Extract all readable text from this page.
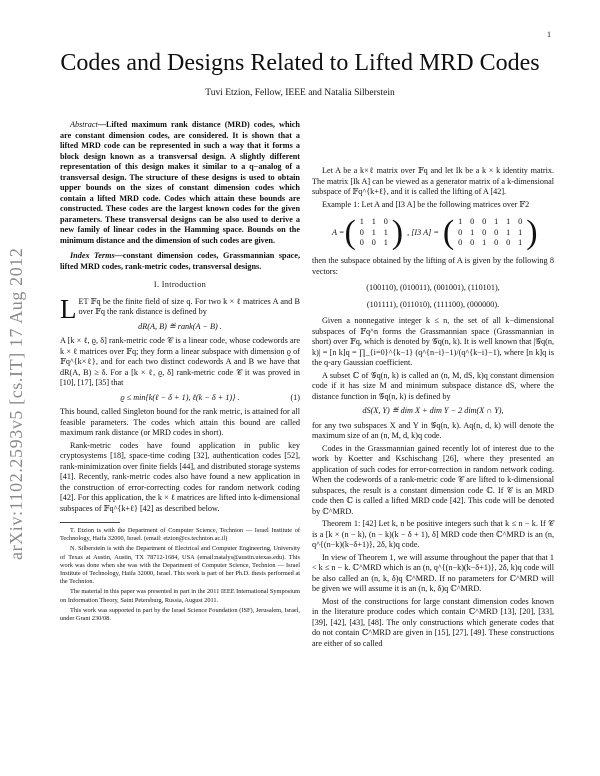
1
arXiv:1102.2593v5 [cs.IT] 17 Aug 2012
Codes and Designs Related to Lifted MRD Codes
Tuvi Etzion, Fellow, IEEE and Natalia Silberstein

Abstract—Lifted maximum rank distance (MRD) codes, which are constant dimension codes, are considered. It is shown that a lifted MRD code can be represented in such a way that it forms a block design known as a transversal design. A slightly different representation of this design makes it similar to a q−analog of a transversal design. The structure of these designs is used to obtain upper bounds on the sizes of constant dimension codes which contain a lifted MRD code. Codes which attain these bounds are constructed. These codes are the largest known codes for the given parameters. These transversal designs can be also used to derive a new family of linear codes in the Hamming space. Bounds on the minimum distance and the dimension of such codes are given.

Index Terms—constant dimension codes, Grassmannian space, lifted MRD codes, rank-metric codes, transversal designs.

I. Introduction

LET 𝔽q be the finite field of size q. For two k × ℓ matrices A and B over 𝔽q the rank distance is defined by

dR(A, B) ≝ rank(A − B) .

A [k × ℓ, ϱ, δ] rank-metric code 𝒞 is a linear code, whose codewords are k × ℓ matrices over 𝔽q; they form a linear subspace with dimension ϱ of 𝔽q^{k×ℓ}, and for each two distinct codewords A and B we have that dR(A, B) ≥ δ. For a [k × ℓ, ϱ, δ] rank-metric code 𝒞 it was proved in [10], [17], [35] that

ϱ ≤ min{k(ℓ − δ + 1), ℓ(k − δ + 1)} .	(1)

This bound, called Singleton bound for the rank metric, is attained for all feasible parameters. The codes which attain this bound are called maximum rank distance (or MRD codes in short).

Rank-metric codes have found application in public key cryptosystems [18], space-time coding [32], authentication codes [52], rank-minimization over finite fields [44], and distributed storage systems [41]. Recently, rank-metric codes also have found a new application in the construction of error-correcting codes for random network coding [42]. For this application, the k × ℓ matrices are lifted into k-dimensional subspaces of 𝔽q^{k+ℓ} [42] as described below.

T. Etzion is with the Department of Computer Science, Technion — Israel Institute of Technology, Haifa 32000, Israel. (email: etzion@cs.technion.ac.il)

N. Silberstein is with the Department of Electrical and Computer Engineering, University of Texas at Austin, Austin, TX 78712-1684, USA (email:natalys@austin.utexas.edu). This work was done when she was with the Department of Computer Science, Technion — Israel Institute of Technology, Haifa 32000, Israel. This work is part of her Ph.D. thesis performed at the Technion.

The material in this paper was presented in part in the 2011 IEEE International Symposium on Information Theory, Saint Petersburg, Russia, August 2011.

This work was supported in part by the Israel Science Foundation (ISF), Jerusalem, Israel, under Grant 230/08.

Let A be a k×ℓ matrix over 𝔽q and let Ik be a k × k identity matrix. The matrix [Ik A] can be viewed as a generator matrix of a k-dimensional subspace of 𝔽q^{k+ℓ}, and it is called the lifting of A [42].

Example 1: Let A and [I3 A] be the following matrices over 𝔽2

A = ( 1 1 0
0 1 1
0 0 1 ) , [I3 A] = ( 1 0 0 1 1 0
0 1 0 0 1 1
0 0 1 0 0 1 )

then the subspace obtained by the lifting of A is given by the following 8 vectors:

(100110), (010011), (001001), (110101),
(101111), (011010), (111100), (000000).

Given a nonnegative integer k ≤ n, the set of all k−dimensional subspaces of 𝔽q^n forms the Grassmannian space (Grassmannian in short) over 𝔽q, which is denoted by 𝒢q(n, k). It is well known that |𝒢q(n, k)| = [n k]q = ∏_{i=0}^{k−1} (q^{n−i}−1)/(q^{k−i}−1), where [n k]q is the q-ary Gaussian coefficient.

A subset ℂ of 𝒢q(n, k) is called an (n, M, dS, k)q constant dimension code if it has size M and minimum subspace distance dS, where the distance function in 𝒢q(n, k) is defined by

dS(X, Y) ≝ dim X + dim Y − 2 dim(X ∩ Y),

for any two subspaces X and Y in 𝒢q(n, k). Aq(n, d, k) will denote the maximum size of an (n, M, d, k)q code.

Codes in the Grassmannian gained recently lot of interest due to the work by Koetter and Kschischang [26], where they presented an application of such codes for error-correction in random network coding. When the codewords of a rank-metric code 𝒞 are lifted to k-dimensional subspaces, the result is a constant dimension code ℂ. If 𝒞 is an MRD code then ℂ is called a lifted MRD code [42]. This code will be denoted by ℂ^MRD.

Theorem 1: [42] Let k, n be positive integers such that k ≤ n − k. If 𝒞 is a [k × (n − k), (n − k)(k − δ + 1), δ] MRD code then ℂ^MRD is an (n, q^{(n−k)(k−δ+1)}, 2δ, k)q code.

In view of Theorem 1, we will assume throughout the paper that that 1 < k ≤ n − k. ℂ^MRD which is an (n, q^{(n−k)(k−δ+1)}, 2δ, k)q code will be also called an (n, k, δ)q ℂ^MRD. If no parameters for ℂ^MRD will be given we will assume it is an (n, k, δ)q ℂ^MRD.

Most of the constructions for large constant dimension codes known in the literature produce codes which contain ℂ^MRD [13], [20], [33], [39], [42], [43], [48]. The only constructions which generate codes that do not contain ℂ^MRD are given in [15], [27], [49]. These constructions are either of so called
